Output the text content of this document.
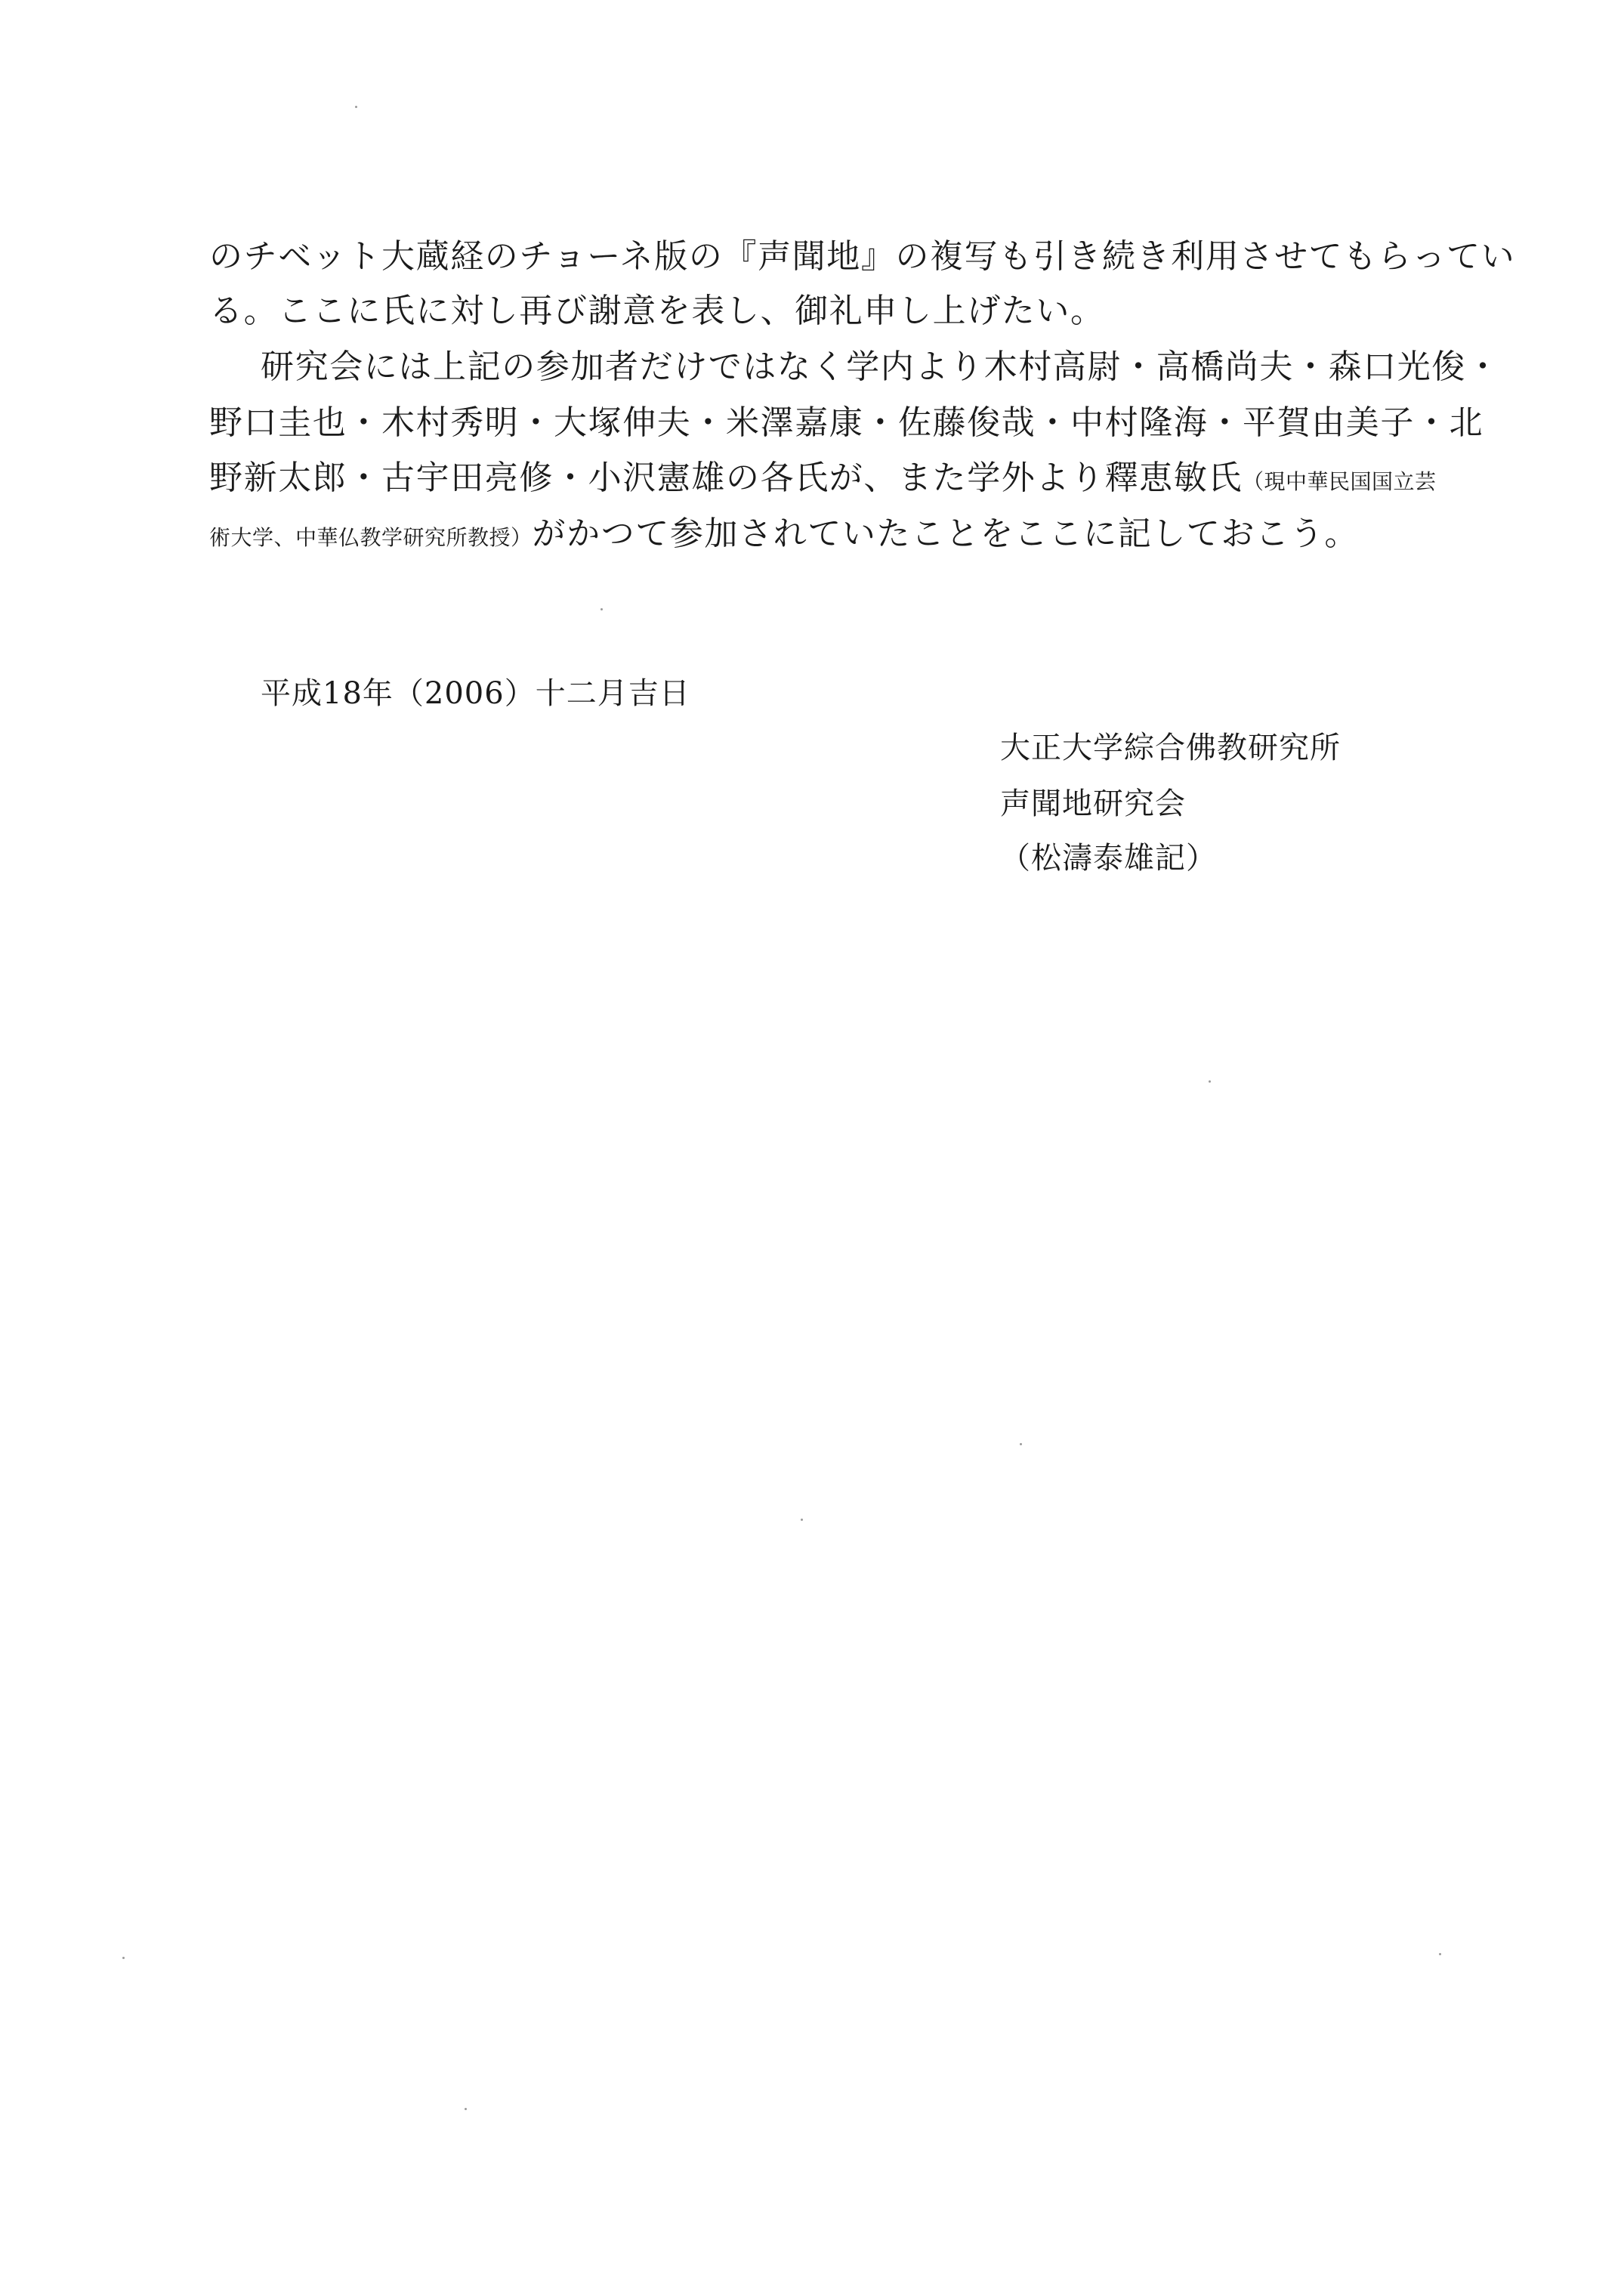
のチベット大蔵経のチョーネ版の『声聞地』の複写も引き続き利用させてもらってい
る。ここに氏に対し再び謝意を表し、御礼申し上げたい。
研究会には上記の参加者だけではなく学内より木村高尉・高橋尚夫・森口光俊・
野口圭也・木村秀明・大塚伸夫・米澤嘉康・佐藤俊哉・中村隆海・平賀由美子・北
野新太郎・古宇田亮修・小沢憲雄の各氏が、また学外より釋恵敏氏（現中華民国国立芸
術大学、中華仏教学研究所教授）がかつて参加されていたことをここに記しておこう。
平成18年（2006）十二月吉日
大正大学綜合佛教研究所
声聞地研究会
（松濤泰雄記）
